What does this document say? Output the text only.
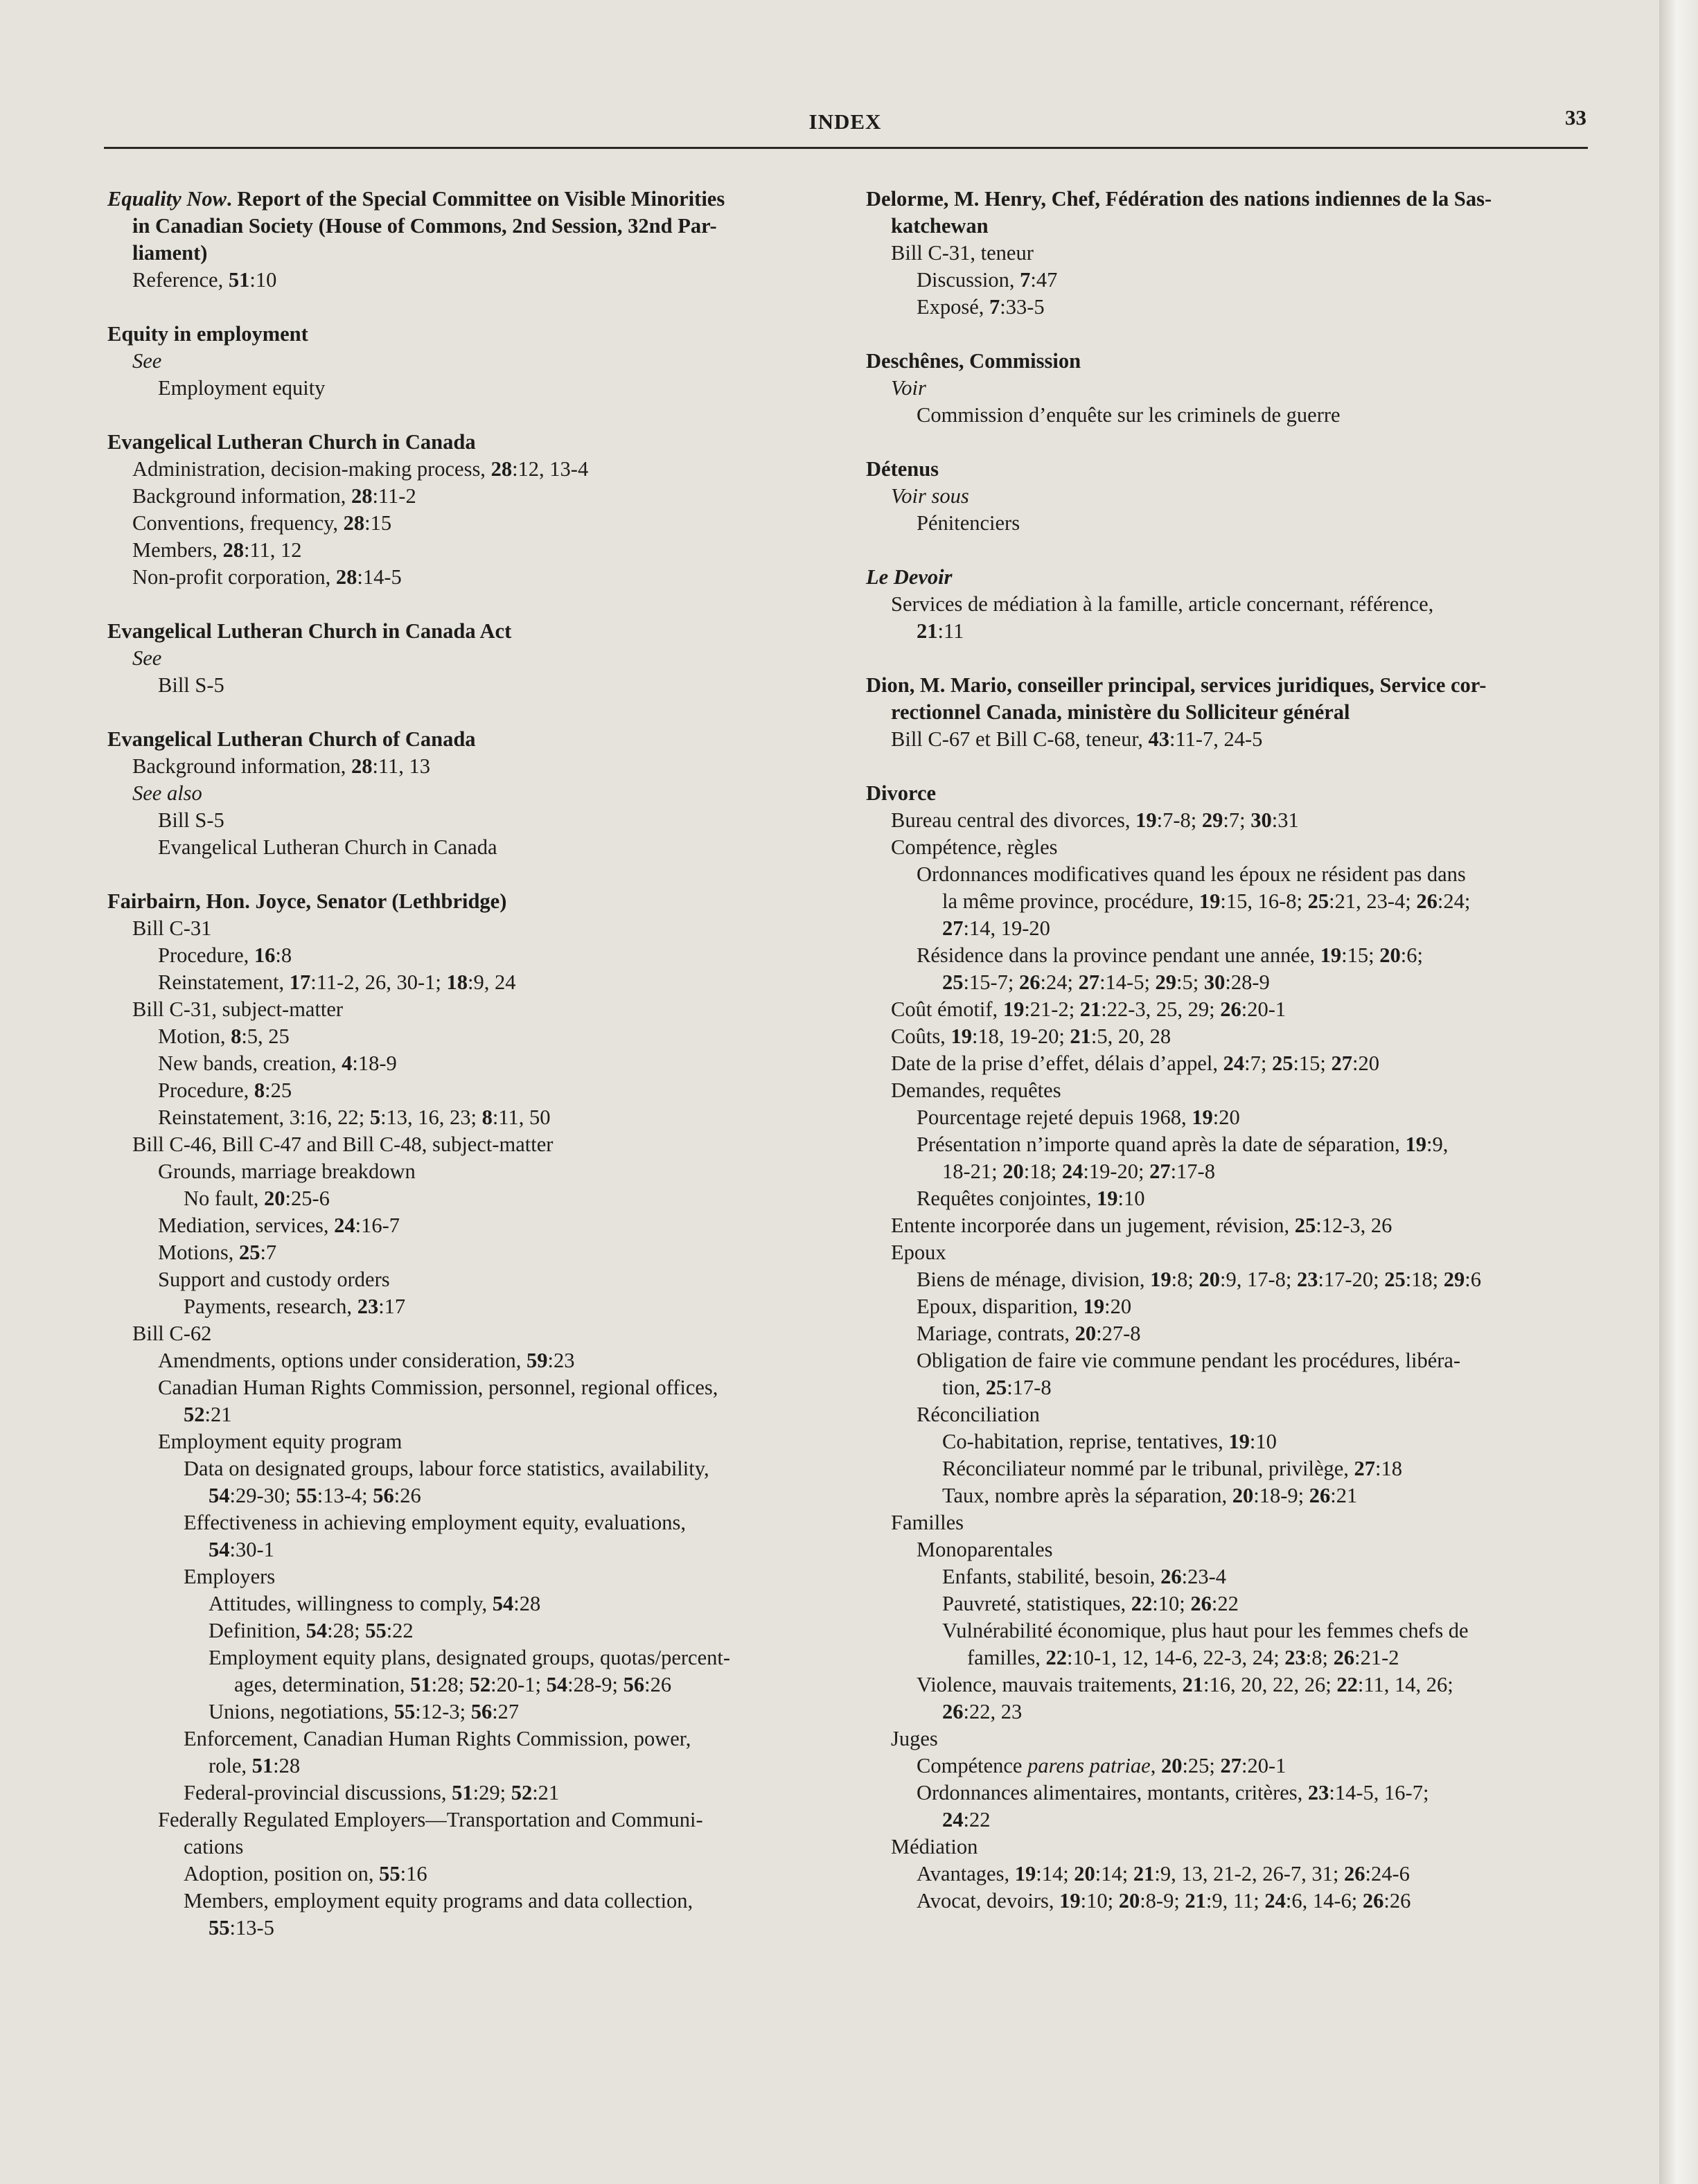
INDEX	33
Equality Now. Report of the Special Committee on Visible Minorities
in Canadian Society (House of Commons, 2nd Session, 32nd Par-
liament)
Reference, 51:10
Equity in employment
See
Employment equity
Evangelical Lutheran Church in Canada
Administration, decision-making process, 28:12, 13-4
Background information, 28:11-2
Conventions, frequency, 28:15
Members, 28:11, 12
Non-profit corporation, 28:14-5
Evangelical Lutheran Church in Canada Act
See
Bill S-5
Evangelical Lutheran Church of Canada
Background information, 28:11, 13
See also
Bill S-5
Evangelical Lutheran Church in Canada
Fairbairn, Hon. Joyce, Senator (Lethbridge)
Bill C-31
Procedure, 16:8
Reinstatement, 17:11-2, 26, 30-1; 18:9, 24
Bill C-31, subject-matter
Motion, 8:5, 25
New bands, creation, 4:18-9
Procedure, 8:25
Reinstatement, 3:16, 22; 5:13, 16, 23; 8:11, 50
Bill C-46, Bill C-47 and Bill C-48, subject-matter
Grounds, marriage breakdown
No fault, 20:25-6
Mediation, services, 24:16-7
Motions, 25:7
Support and custody orders
Payments, research, 23:17
Bill C-62
Amendments, options under consideration, 59:23
Canadian Human Rights Commission, personnel, regional offices,
52:21
Employment equity program
Data on designated groups, labour force statistics, availability,
54:29-30; 55:13-4; 56:26
Effectiveness in achieving employment equity, evaluations,
54:30-1
Employers
Attitudes, willingness to comply, 54:28
Definition, 54:28; 55:22
Employment equity plans, designated groups, quotas/percent-
ages, determination, 51:28; 52:20-1; 54:28-9; 56:26
Unions, negotiations, 55:12-3; 56:27
Enforcement, Canadian Human Rights Commission, power,
role, 51:28
Federal-provincial discussions, 51:29; 52:21
Federally Regulated Employers—Transportation and Communi-
cations
Adoption, position on, 55:16
Members, employment equity programs and data collection,
55:13-5
Delorme, M. Henry, Chef, Fédération des nations indiennes de la Sas-
katchewan
Bill C-31, teneur
Discussion, 7:47
Exposé, 7:33-5
Deschênes, Commission
Voir
Commission d’enquête sur les criminels de guerre
Détenus
Voir sous
Pénitenciers
Le Devoir
Services de médiation à la famille, article concernant, référence,
21:11
Dion, M. Mario, conseiller principal, services juridiques, Service cor-
rectionnel Canada, ministère du Solliciteur général
Bill C-67 et Bill C-68, teneur, 43:11-7, 24-5
Divorce
Bureau central des divorces, 19:7-8; 29:7; 30:31
Compétence, règles
Ordonnances modificatives quand les époux ne résident pas dans
la même province, procédure, 19:15, 16-8; 25:21, 23-4; 26:24;
27:14, 19-20
Résidence dans la province pendant une année, 19:15; 20:6;
25:15-7; 26:24; 27:14-5; 29:5; 30:28-9
Coût émotif, 19:21-2; 21:22-3, 25, 29; 26:20-1
Coûts, 19:18, 19-20; 21:5, 20, 28
Date de la prise d’effet, délais d’appel, 24:7; 25:15; 27:20
Demandes, requêtes
Pourcentage rejeté depuis 1968, 19:20
Présentation n’importe quand après la date de séparation, 19:9,
18-21; 20:18; 24:19-20; 27:17-8
Requêtes conjointes, 19:10
Entente incorporée dans un jugement, révision, 25:12-3, 26
Epoux
Biens de ménage, division, 19:8; 20:9, 17-8; 23:17-20; 25:18; 29:6
Epoux, disparition, 19:20
Mariage, contrats, 20:27-8
Obligation de faire vie commune pendant les procédures, libéra-
tion, 25:17-8
Réconciliation
Co-habitation, reprise, tentatives, 19:10
Réconciliateur nommé par le tribunal, privilège, 27:18
Taux, nombre après la séparation, 20:18-9; 26:21
Familles
Monoparentales
Enfants, stabilité, besoin, 26:23-4
Pauvreté, statistiques, 22:10; 26:22
Vulnérabilité économique, plus haut pour les femmes chefs de
familles, 22:10-1, 12, 14-6, 22-3, 24; 23:8; 26:21-2
Violence, mauvais traitements, 21:16, 20, 22, 26; 22:11, 14, 26;
26:22, 23
Juges
Compétence parens patriae, 20:25; 27:20-1
Ordonnances alimentaires, montants, critères, 23:14-5, 16-7;
24:22
Médiation
Avantages, 19:14; 20:14; 21:9, 13, 21-2, 26-7, 31; 26:24-6
Avocat, devoirs, 19:10; 20:8-9; 21:9, 11; 24:6, 14-6; 26:26
